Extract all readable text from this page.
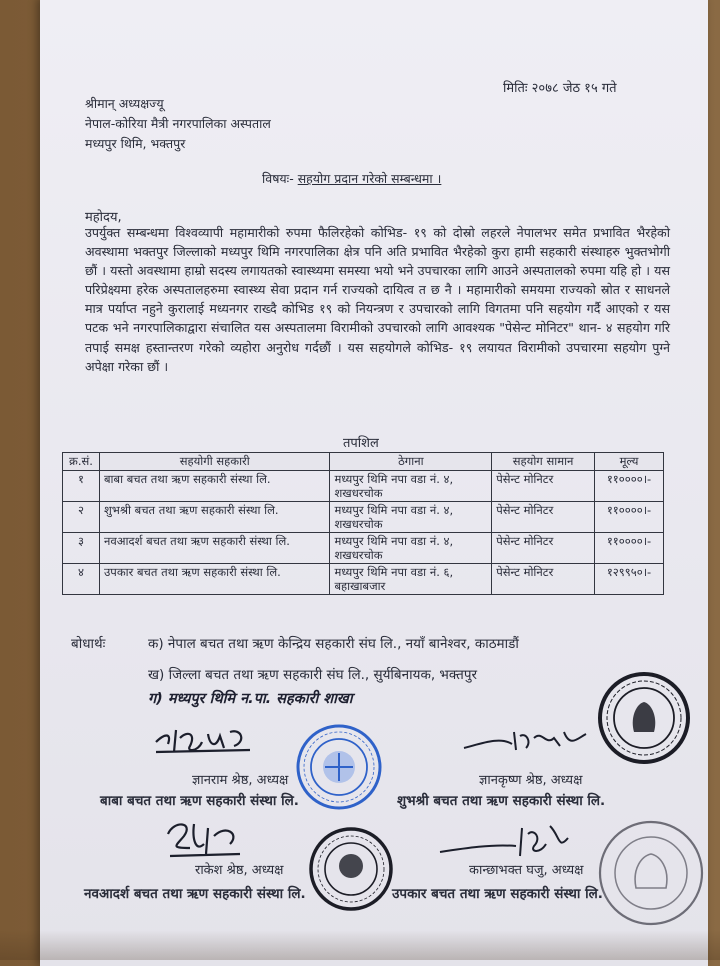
मितिः २०७८ जेठ १५ गते
श्रीमान् अध्यक्षज्यू
नेपाल-कोरिया मैत्री नगरपालिका अस्पताल
मध्यपुर थिमि, भक्तपुर
विषयः- सहयोग प्रदान गरेको सम्बन्धमा ।
महोदय,
उपर्युक्त सम्बन्धमा विश्वव्यापी महामारीको रुपमा फैलिरहेको कोभिड- १९ को दोस्रो लहरले नेपालभर समेत प्रभावित भैरहेको अवस्थामा भक्तपुर जिल्लाको मध्यपुर थिमि नगरपालिका क्षेत्र पनि अति प्रभावित भैरहेको कुरा हामी सहकारी संस्थाहरु भुक्तभोगी छौं । यस्तो अवस्थामा हाम्रो सदस्य लगायतको स्वास्थ्यमा समस्या भयो भने उपचारका लागि आउने अस्पतालको रुपमा यहि हो । यस परिप्रेक्ष्यमा हरेक अस्पतालहरुमा स्वास्थ्य सेवा प्रदान गर्न राज्यको दायित्व त छ नै । महामारीको समयमा राज्यको स्रोत र साधनले मात्र पर्याप्त नहुने कुरालाई मध्यनगर राख्दै कोभिड १९ को नियन्त्रण र उपचारको लागि विगतमा पनि सहयोग गर्दै आएको र यस पटक भने नगरपालिकाद्वारा संचालित यस अस्पतालमा विरामीको उपचारको लागि आवश्यक "पेसेन्ट मोनिटर" थान- ४ सहयोग गरि तपाई समक्ष हस्तान्तरण गरेको व्यहोरा अनुरोध गर्दछौं । यस सहयोगले कोभिड- १९ लयायत विरामीको उपचारमा सहयोग पुग्ने अपेक्षा गरेका छौं ।
तपशिल
क्र.सं.	सहयोगी सहकारी	ठेगाना	सहयोग सामान	मूल्य
१	बाबा बचत तथा ऋण सहकारी संस्था लि.	मध्यपुर थिमि नपा वडा नं. ४, शखधरचोक	पेसेन्ट मोनिटर	११००००।-
२	शुभश्री बचत तथा ऋण सहकारी संस्था लि.	मध्यपुर थिमि नपा वडा नं. ४, शखधरचोक	पेसेन्ट मोनिटर	११००००।-
३	नवआदर्श बचत तथा ऋण सहकारी संस्था लि.	मध्यपुर थिमि नपा वडा नं. ४, शखधरचोक	पेसेन्ट मोनिटर	११००००।-
४	उपकार बचत तथा ऋण सहकारी संस्था लि.	मध्यपुर थिमि नपा वडा नं. ६, बहाखाबजार	पेसेन्ट मोनिटर	१२९९५०।-
बोधार्थः	क) नेपाल बचत तथा ऋण केन्द्रिय सहकारी संघ लि., नयाँ बानेश्वर, काठमाडौं
ख) जिल्ला बचत तथा ऋण सहकारी संघ लि., सुर्यबिनायक, भक्तपुर
ग) मध्यपुर थिमि न.पा. सहकारी शाखा
ज्ञानराम श्रेष्ठ, अध्यक्ष
बाबा बचत तथा ऋण सहकारी संस्था लि.
ज्ञानकृष्ण श्रेष्ठ, अध्यक्ष
शुभश्री बचत तथा ऋण सहकारी संस्था लि.
राकेश श्रेष्ठ, अध्यक्ष
नवआदर्श बचत तथा ऋण सहकारी संस्था लि.
कान्छाभक्त घजु, अध्यक्ष
उपकार बचत तथा ऋण सहकारी संस्था लि.
